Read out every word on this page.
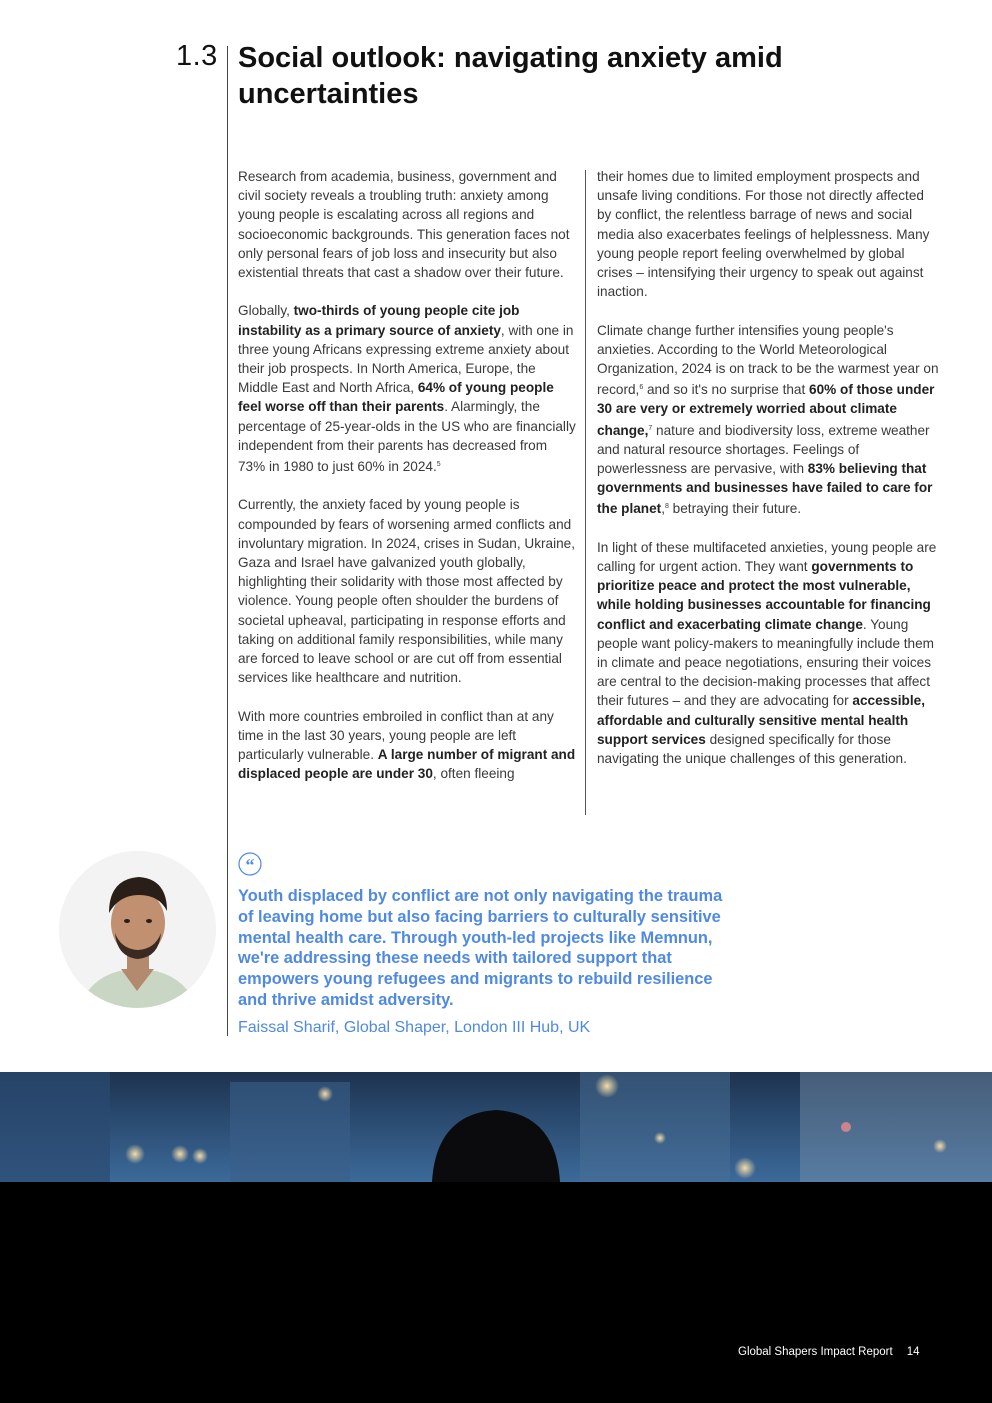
1.3 Social outlook: navigating anxiety amid uncertainties

Research from academia, business, government and civil society reveals a troubling truth: anxiety among young people is escalating across all regions and socioeconomic backgrounds. This generation faces not only personal fears of job loss and insecurity but also existential threats that cast a shadow over their future.

Globally, two-thirds of young people cite job instability as a primary source of anxiety, with one in three young Africans expressing extreme anxiety about their job prospects. In North America, Europe, the Middle East and North Africa, 64% of young people feel worse off than their parents. Alarmingly, the percentage of 25-year-olds in the US who are financially independent from their parents has decreased from 73% in 1980 to just 60% in 2024.$^5$

Currently, the anxiety faced by young people is compounded by fears of worsening armed conflicts and involuntary migration. In 2024, crises in Sudan, Ukraine, Gaza and Israel have galvanized youth globally, highlighting their solidarity with those most affected by violence. Young people often shoulder the burdens of societal upheaval, participating in response efforts and taking on additional family responsibilities, while many are forced to leave school or are cut off from essential services like healthcare and nutrition.

With more countries embroiled in conflict than at any time in the last 30 years, young people are left particularly vulnerable. A large number of migrant and displaced people are under 30, often fleeing

their homes due to limited employment prospects and unsafe living conditions. For those not directly affected by conflict, the relentless barrage of news and social media also exacerbates feelings of helplessness. Many young people report feeling overwhelmed by global crises – intensifying their urgency to speak out against inaction.

Climate change further intensifies young people's anxieties. According to the World Meteorological Organization, 2024 is on track to be the warmest year on record,$^6$ and so it's no surprise that 60% of those under 30 are very or extremely worried about climate change,$^7$ nature and biodiversity loss, extreme weather and natural resource shortages. Feelings of powerlessness are pervasive, with 83% believing that governments and businesses have failed to care for the planet,$^8$ betraying their future.

In light of these multifaceted anxieties, young people are calling for urgent action. They want governments to prioritize peace and protect the most vulnerable, while holding businesses accountable for financing conflict and exacerbating climate change. Young people want policy-makers to meaningfully include them in climate and peace negotiations, ensuring their voices are central to the decision-making processes that affect their futures – and they are advocating for accessible, affordable and culturally sensitive mental health support services designed specifically for those navigating the unique challenges of this generation.

“

Youth displaced by conflict are not only navigating the trauma of leaving home but also facing barriers to culturally sensitive mental health care. Through youth-led projects like Memnun, we're addressing these needs with tailored support that empowers young refugees and migrants to rebuild resilience and thrive amidst adversity.

Faissal Sharif, Global Shaper, London III Hub, UK
Global Shapers Impact Report 14
